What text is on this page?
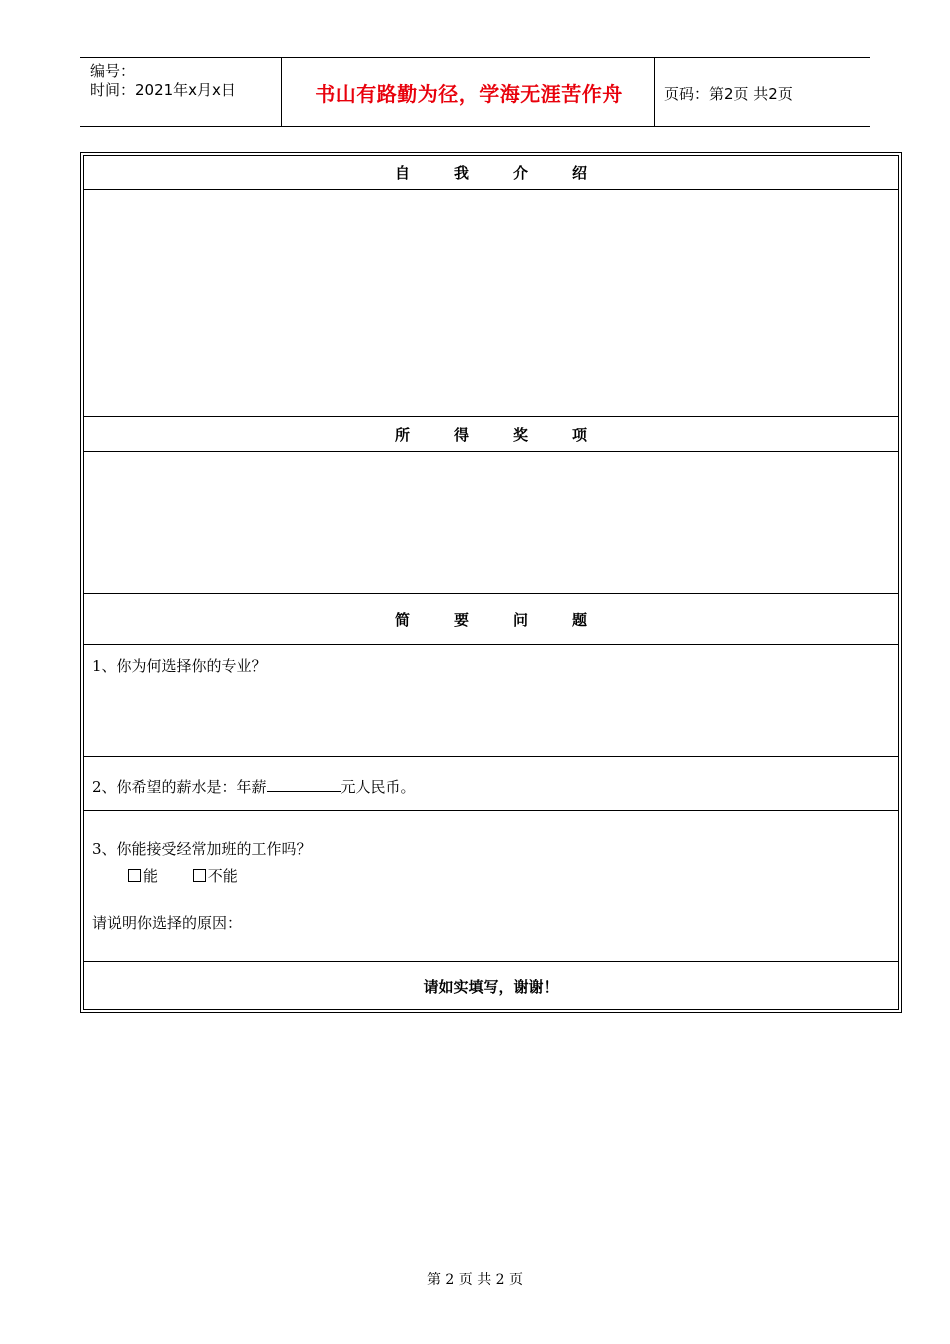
编号：
时间：2021年x月x日	书山有路勤为径，学海无涯苦作舟	页码：第2页 共2页
自	我	介	绍
所	得	奖	项
简	要	问	题
1、你为何选择你的专业？
2、你希望的薪水是：年薪	元人民币。
3、你能接受经常加班的工作吗？
能	不能
请说明你选择的原因：
请如实填写，谢谢！
第 2 页 共 2 页
